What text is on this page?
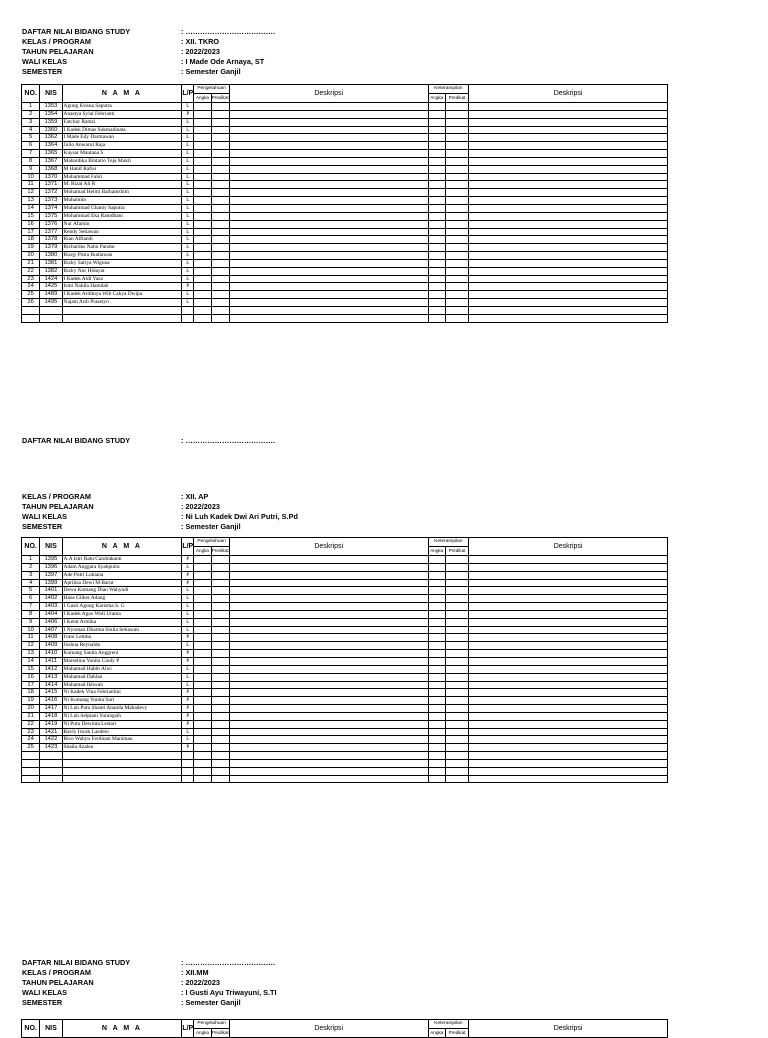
DAFTAR NILAI BIDANG STUDY	: ……………………………….
KELAS / PROGRAM	: XII. TKRO
TAHUN PELAJARAN	: 2022/2023
WALI KELAS	: I Made Ode Arnaya, ST
SEMESTER	: Semester Ganjil
NO.	NIS	N A M A	L/P	Pengetahuan		Deskripsi	Keterampilan		Deskripsi
				Angka	Predikat		Angka	Predikat	
1	1353	Agung Krisna Saputra	L						
2	1354	Anastya Sylal Febrianti	P						
3	1359	Fatchur Ramzi	L						
4	1360	I Kadek Dimas Sukmadinata	L						
5	1362	I Made Edy Darmawan	L						
6	1364	Julio Anwarul Raja	L						
7	1365	Kaysar Maulana S	L						
8	1367	Mahardika Bintario Teja Mukti	L						
9	1368	M Hanif Rafisi	L						
10	1370	Muhammad Fahri	L						
11	1371	M. Rizal Ali R	L						
12	1372	Mohamad Helmi Baihamshim	L						
13	1373	Muhaimin	L						
14	1374	Muhammad Ghanty Saputra	L						
15	1375	Mohammad Eka Ramdhani	L						
16	1376	Nur Afamin	L						
17	1377	Rendy Setiawan	L						
18	1378	Rian Alfiandi	L						
19	1379	Richardus Nahu Pandur	L						
20	1380	Rizqy Putra Budiawan	L						
21	1381	Rizky Satrya Wiguna	L						
22	1382	Rizky Nur Hidayat	L						
23	1424	I Kadek Aldi Yasa	L						
24	1425	Ismi Nabila Hamdah	P						
25	1489	I Kadek Arditnya Wib Cahya Dwipa	L						
26	1495	Najam Ardi Prasetyo	L						

DAFTAR NILAI BIDANG STUDY	: ……………………………….
KELAS / PROGRAM	: XII. AP
TAHUN PELAJARAN	: 2022/2023
WALI KELAS	: Ni Luh Kadek Dwi Ari Putri, S.Pd
SEMESTER	: Semester Ganjil
NO.	NIS	N A M A	L/P	Pengetahuan		Deskripsi	Keterampilan		Deskripsi
				Angka	Predikat		Angka	Predikat	
1	1395	A.A Istri Ratu Candrakanti	P						
2	1396	Adam Anggara Syahputra	L						
3	1397	Ade Putri Lukiana	P						
4	1399	Aprilisa Dewi M Barut	P						
5	1401	Dewa Komang Dian Wahyudi	L						
6	1402	Hans Gilker Adang	L						
7	1403	I Gusti Agung Karisma S. G	L						
8	1404	I Kadek Agus Widi Utama	L						
9	1406	I Ketut Armika	L						
10	1407	I Nyoman Dharma Sinila Setiawan	L						
11	1408	Ivani Lemba	P						
12	1409	Joshua Reynaldo	L						
13	1410	Komang Sanita Anggreni	P						
14	1411	Marselina Yunita Cindy P	P						
15	1412	Muhamad Habib Alwi	L						
16	1413	Muhamad Dahlan	L						
17	1414	Muhamad Ikhwan	L						
18	1415	Ni Kadek Vina Febriantini	P						
19	1416	Ni Komang Yunita Sari	P						
20	1417	Ni Luh Putu Shanti Ananda Mahadevy	P						
21	1418	Ni Luh Selpiani Yuningsih	P						
22	1419	Ni Putu Dewinta Lestari	P						
23	1421	Ravly Irwan Lasdeto	L						
24	1422	Rico Wahyu Ferdinan Manimau	L						
25	1423	Shaila Azalea	P						

DAFTAR NILAI BIDANG STUDY	: ……………………………….
KELAS / PROGRAM	: XII.MM
TAHUN PELAJARAN	: 2022/2023
WALI KELAS	: I Gusti Ayu Triwayuni, S.TI
SEMESTER	: Semester Ganjil
NO.	NIS	N A M A	L/P	Pengetahuan		Deskripsi	Keterampilan		Deskripsi
				Angka	Predikat		Angka	Predikat	
